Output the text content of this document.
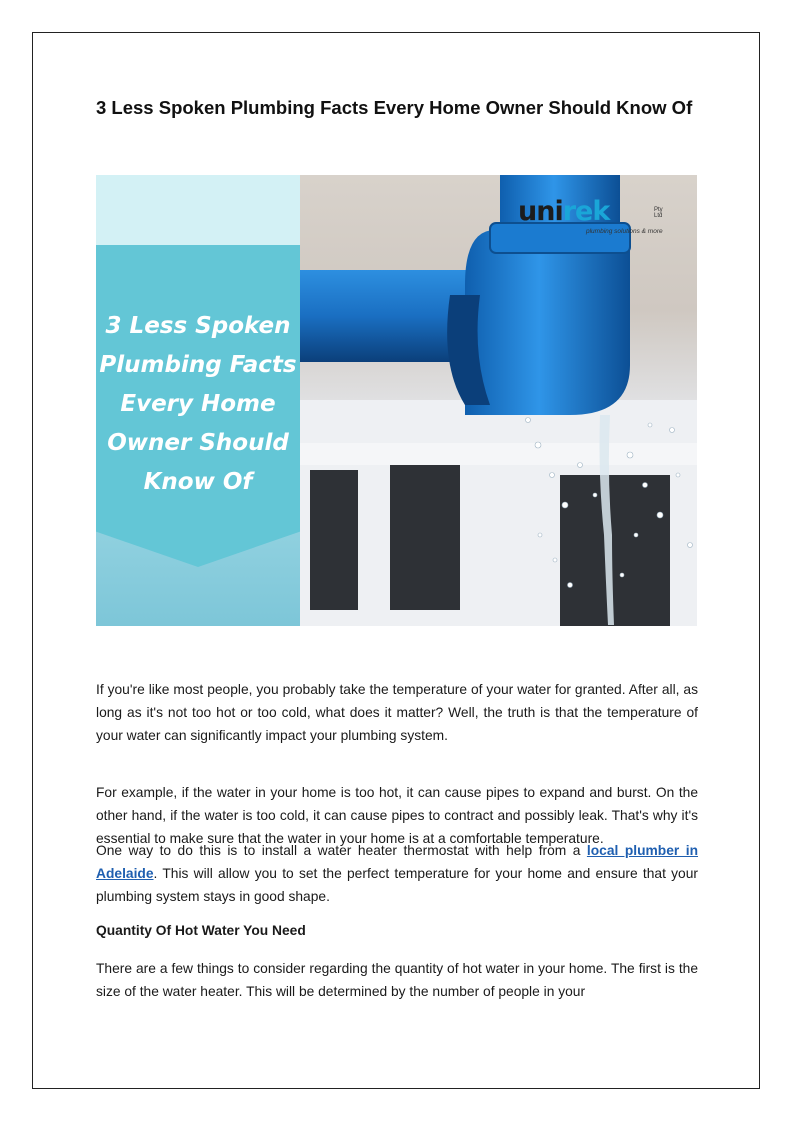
3 Less Spoken Plumbing Facts Every Home Owner Should Know Of
3 Less Spoken
Plumbing Facts
Every Home
Owner Should
Know Of
unirek	Pty Ltd
plumbing solutions & more

If you're like most people, you probably take the temperature of your water for granted. After all, as long as it's not too hot or too cold, what does it matter? Well, the truth is that the temperature of your water can significantly impact your plumbing system.

For example, if the water in your home is too hot, it can cause pipes to expand and burst. On the other hand, if the water is too cold, it can cause pipes to contract and possibly leak. That's why it's essential to make sure that the water in your home is at a comfortable temperature.

One way to do this is to install a water heater thermostat with help from a local plumber in Adelaide. This will allow you to set the perfect temperature for your home and ensure that your plumbing system stays in good shape.

Quantity Of Hot Water You Need

There are a few things to consider regarding the quantity of hot water in your home. The first is the size of the water heater. This will be determined by the number of people in your
